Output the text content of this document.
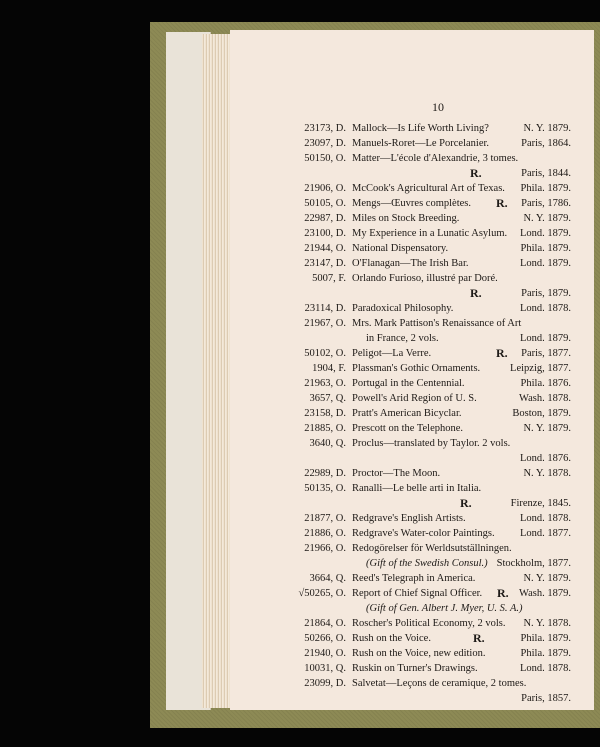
10
23173, D. Mallock—Is Life Worth Living?	N. Y. 1879.
23097, D. Manuels-Roret—Le Porcelanier.	Paris, 1864.
50150, O. Matter—L'école d'Alexandrie, 3 tomes.
R.	Paris, 1844.
21906, O. McCook's Agricultural Art of Texas. Phila. 1879.
50105, O. Mengs—Œuvres complètes. R. Paris, 1786.
22987, D. Miles on Stock Breeding.	N. Y. 1879.
23100, D. My Experience in a Lunatic Asylum. Lond. 1879.
21944, O. National Dispensatory.	Phila. 1879.
23147, D. O'Flanagan—The Irish Bar.	Lond. 1879.
5007, F. Orlando Furioso, illustré par Doré.
R.	Paris, 1879.
23114, D. Paradoxical Philosophy.	Lond. 1878.
21967, O. Mrs. Mark Pattison's Renaissance of Art
in France, 2 vols.	Lond. 1879.
50102, O. Peligot—La Verre.	R. Paris, 1877.
1904, F. Plassman's Gothic Ornaments.	Leipzig, 1877.
21963, O. Portugal in the Centennial.	Phila. 1876.
3657, Q. Powell's Arid Region of U. S.	Wash. 1878.
23158, D. Pratt's American Bicyclar.	Boston, 1879.
21885, O. Prescott on the Telephone.	N. Y. 1879.
3640, Q. Proclus—translated by Taylor. 2 vols.
Lond. 1876.
22989, D. Proctor—The Moon.	N. Y. 1878.
50135, O. Ranalli—Le belle arti in Italia.
R.	Firenze, 1845.
21877, O. Redgrave's English Artists.	Lond. 1878.
21886, O. Redgrave's Water-color Paintings. Lond. 1877.
21966, O. Redogörelser för Werldsutställningen.
(Gift of the Swedish Consul.) Stockholm, 1877.
3664, Q. Reed's Telegraph in America.	N. Y. 1879.
√50265, O. Report of Chief Signal Officer. R. Wash. 1879.
(Gift of Gen. Albert J. Myer, U. S. A.)
21864, O. Roscher's Political Economy, 2 vols. N. Y. 1878.
50266, O. Rush on the Voice.	R.	Phila. 1879.
21940, O. Rush on the Voice, new edition.	Phila. 1879.
10031, Q. Ruskin on Turner's Drawings.	Lond. 1878.
23099, D. Salvetat—Leçons de ceramique, 2 tomes.
Paris, 1857.
